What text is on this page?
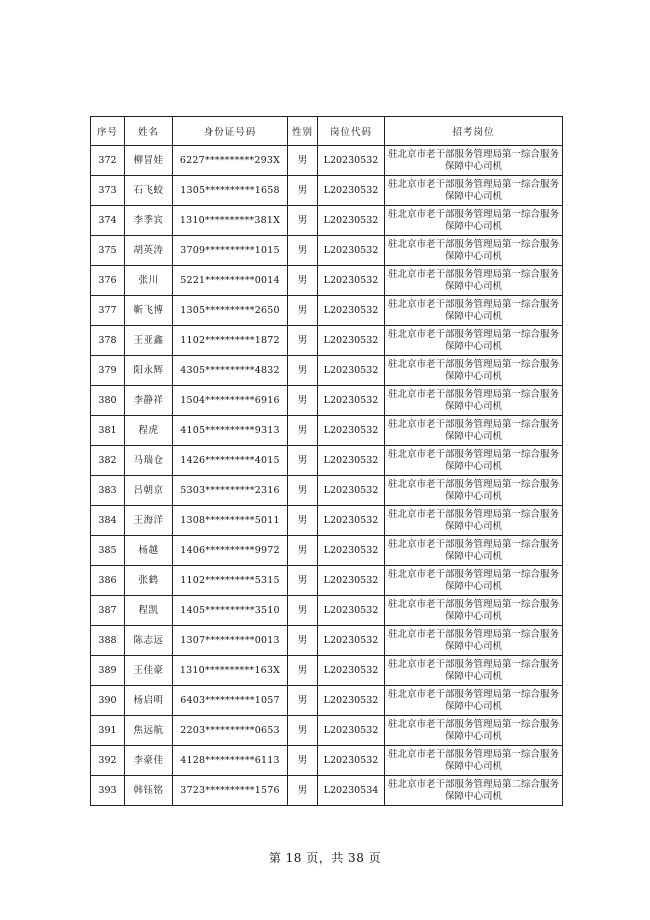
序号	姓名	身份证号码	性别	岗位代码	招考岗位
372	柳冒娃	6227**********293X	男	L20230532	驻北京市老干部服务管理局第一综合服务保障中心司机
373	石飞蛟	1305**********1658	男	L20230532	驻北京市老干部服务管理局第一综合服务保障中心司机
374	李季宾	1310**********381X	男	L20230532	驻北京市老干部服务管理局第一综合服务保障中心司机
375	胡英涛	3709**********1015	男	L20230532	驻北京市老干部服务管理局第一综合服务保障中心司机
376	张川	5221**********0014	男	L20230532	驻北京市老干部服务管理局第一综合服务保障中心司机
377	靳飞博	1305**********2650	男	L20230532	驻北京市老干部服务管理局第一综合服务保障中心司机
378	王亚鑫	1102**********1872	男	L20230532	驻北京市老干部服务管理局第一综合服务保障中心司机
379	阳永辉	4305**********4832	男	L20230532	驻北京市老干部服务管理局第一综合服务保障中心司机
380	李静祥	1504**********6916	男	L20230532	驻北京市老干部服务管理局第一综合服务保障中心司机
381	程虎	4105**********9313	男	L20230532	驻北京市老干部服务管理局第一综合服务保障中心司机
382	马瑞仓	1426**********4015	男	L20230532	驻北京市老干部服务管理局第一综合服务保障中心司机
383	吕朝京	5303**********2316	男	L20230532	驻北京市老干部服务管理局第一综合服务保障中心司机
384	王海洋	1308**********5011	男	L20230532	驻北京市老干部服务管理局第一综合服务保障中心司机
385	杨越	1406**********9972	男	L20230532	驻北京市老干部服务管理局第一综合服务保障中心司机
386	张鹤	1102**********5315	男	L20230532	驻北京市老干部服务管理局第一综合服务保障中心司机
387	程凯	1405**********3510	男	L20230532	驻北京市老干部服务管理局第一综合服务保障中心司机
388	陈志远	1307**********0013	男	L20230532	驻北京市老干部服务管理局第一综合服务保障中心司机
389	王佳豪	1310**********163X	男	L20230532	驻北京市老干部服务管理局第一综合服务保障中心司机
390	杨启明	6403**********1057	男	L20230532	驻北京市老干部服务管理局第一综合服务保障中心司机
391	焦远航	2203**********0653	男	L20230532	驻北京市老干部服务管理局第一综合服务保障中心司机
392	李豪佳	4128**********6113	男	L20230532	驻北京市老干部服务管理局第一综合服务保障中心司机
393	韩钰铭	3723**********1576	男	L20230534	驻北京市老干部服务管理局第二综合服务保障中心司机
第 18 页，共 38 页
